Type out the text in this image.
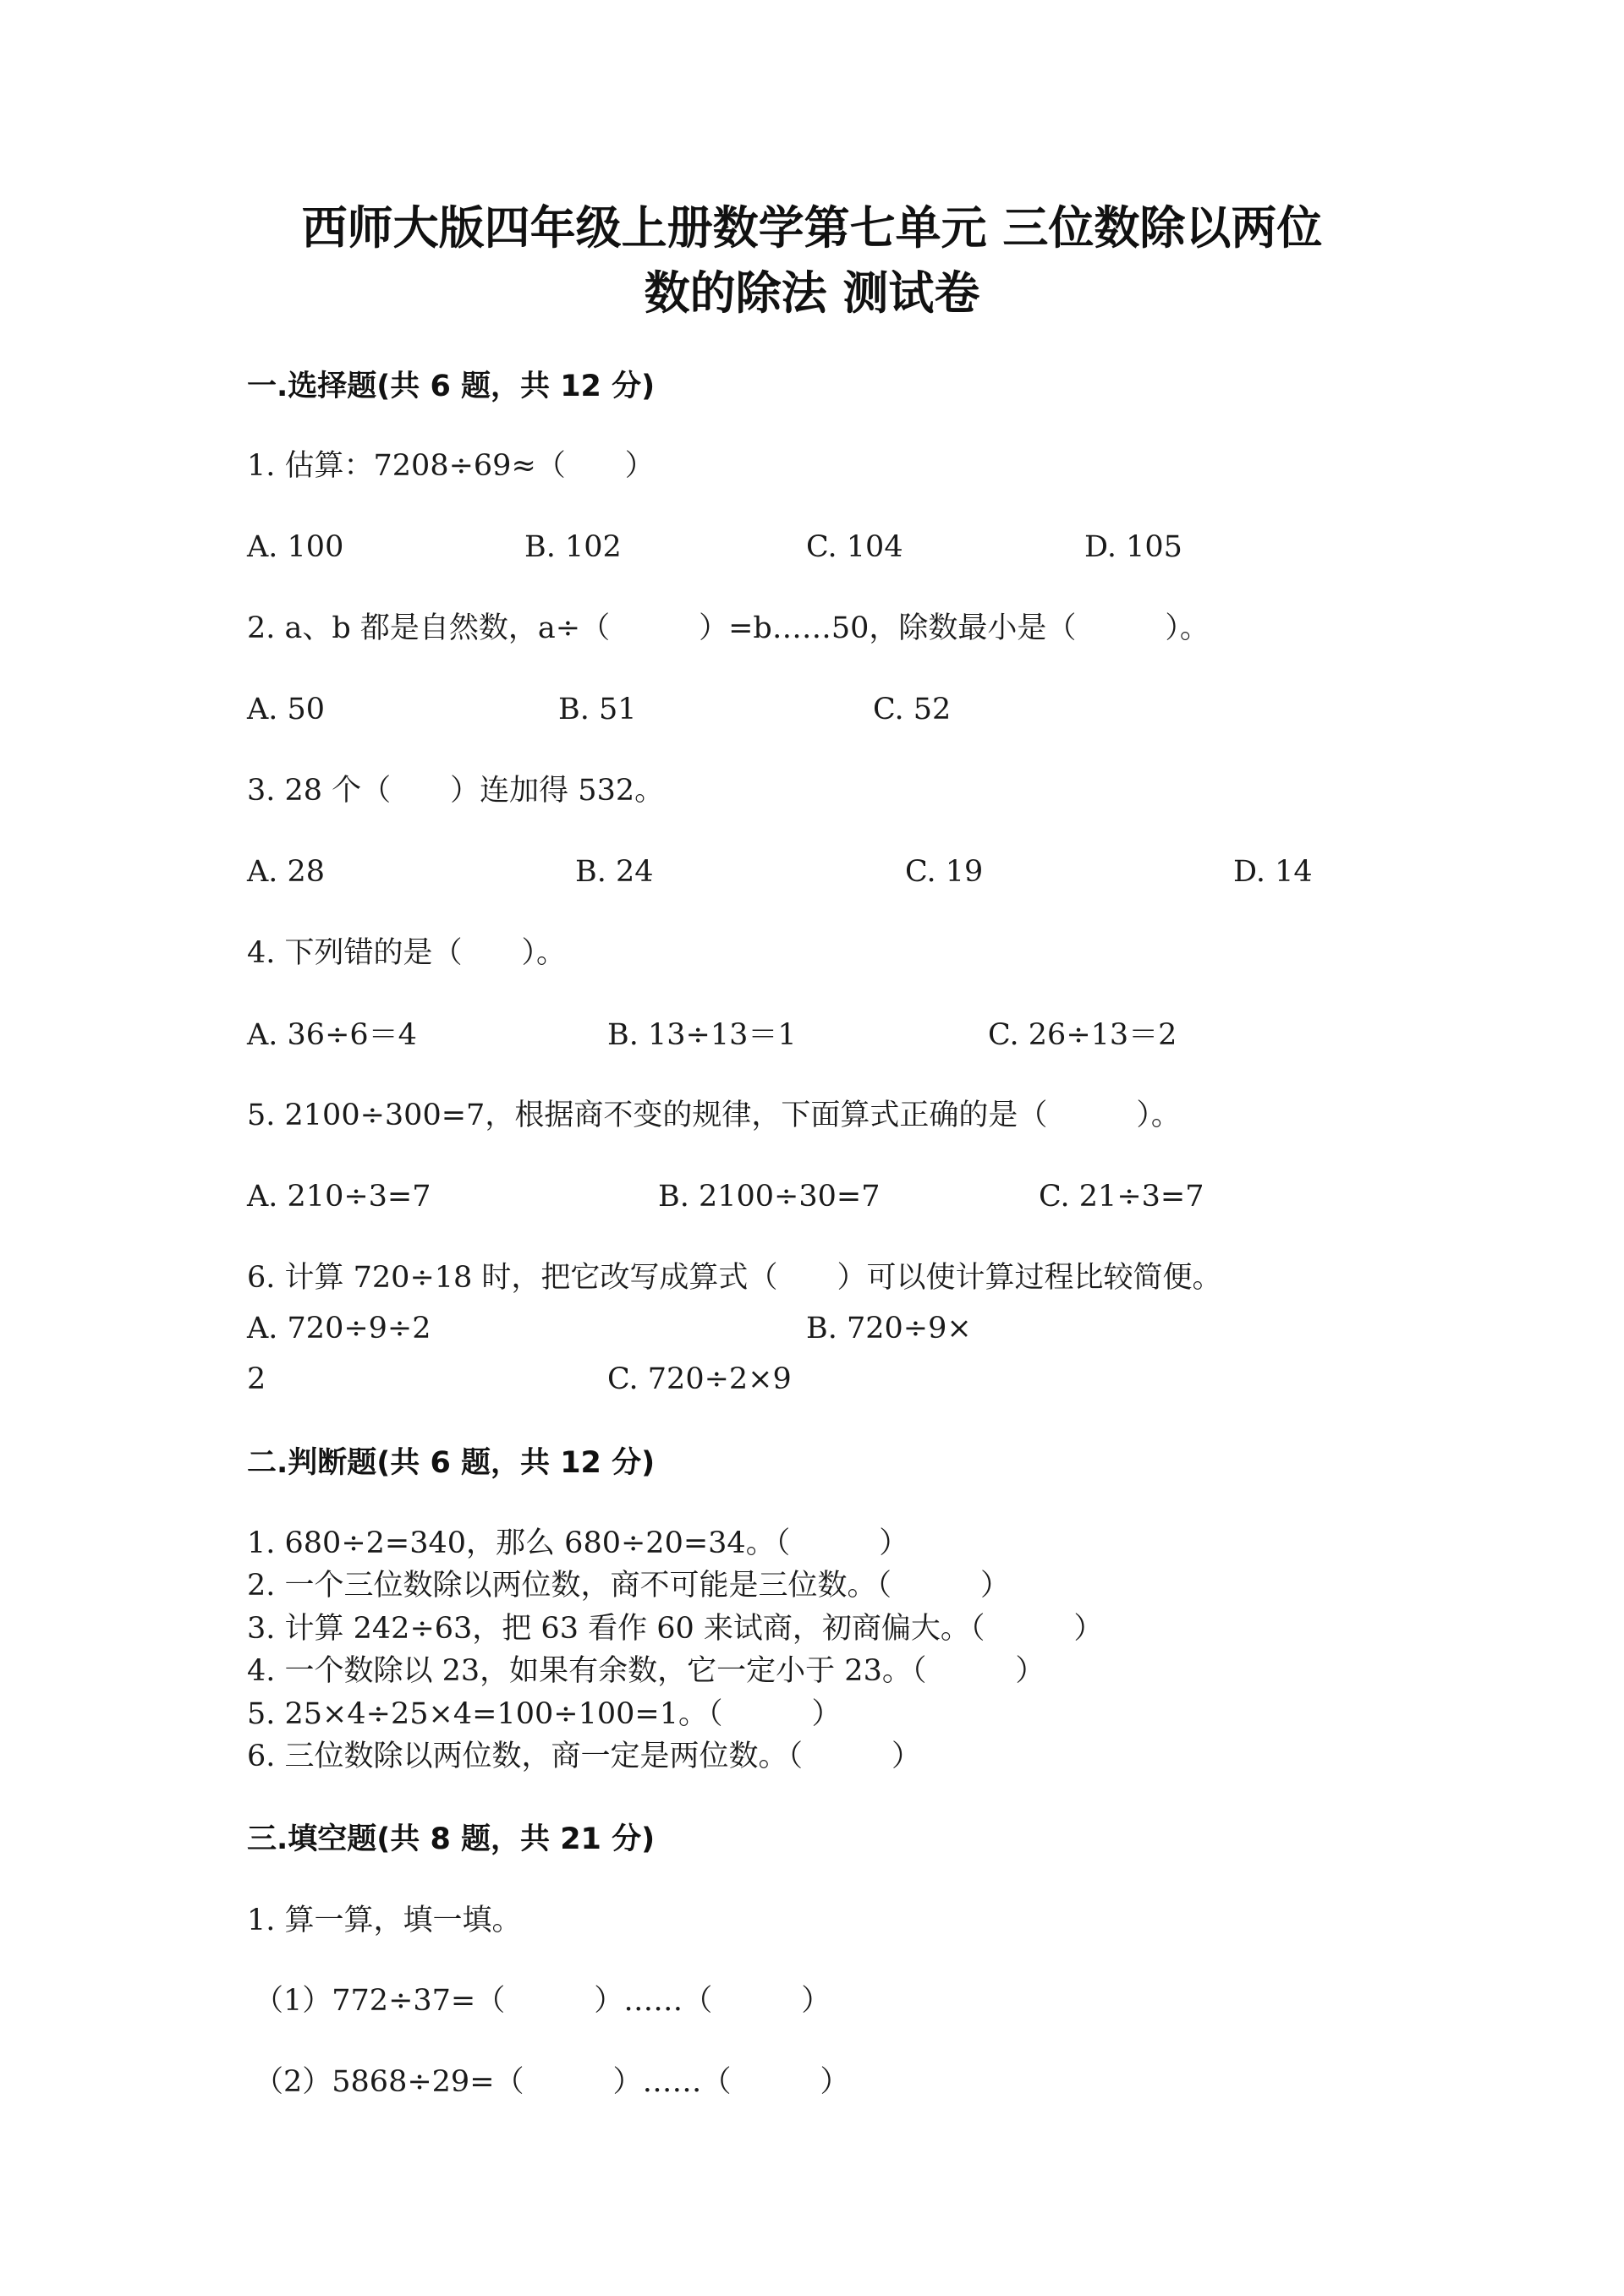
西师大版四年级上册数学第七单元 三位数除以两位
数的除法 测试卷
一.选择题(共 6 题，共 12 分)
1. 估算：7208÷69≈（　　）
A. 100	B. 102	C. 104	D. 105
2. a、b 都是自然数，a÷（　　　）=b……50，除数最小是（　　　）。
A. 50	B. 51	C. 52
3. 28 个（　　）连加得 532。
A. 28	B. 24	C. 19	D. 14
4. 下列错的是（　　）。
A. 36÷6＝4	B. 13÷13＝1	C. 26÷13＝2
5. 2100÷300=7，根据商不变的规律，下面算式正确的是（　　　）。
A. 210÷3=7	B. 2100÷30=7	C. 21÷3=7
6. 计算 720÷18 时，把它改写成算式（　　）可以使计算过程比较简便。
A. 720÷9÷2	B. 720÷9×
2	C. 720÷2×9
二.判断题(共 6 题，共 12 分)
1. 680÷2=340，那么 680÷20=34。（　　　）
2. 一个三位数除以两位数，商不可能是三位数。（　　　）
3. 计算 242÷63，把 63 看作 60 来试商，初商偏大。（　　　）
4. 一个数除以 23，如果有余数，它一定小于 23。（　　　）
5. 25×4÷25×4=100÷100=1。（　　　）
6. 三位数除以两位数，商一定是两位数。（　　　）
三.填空题(共 8 题，共 21 分)
1. 算一算，填一填。
（1）772÷37=（　　　）……（　　　）
（2）5868÷29=（　　　）……（　　　）
